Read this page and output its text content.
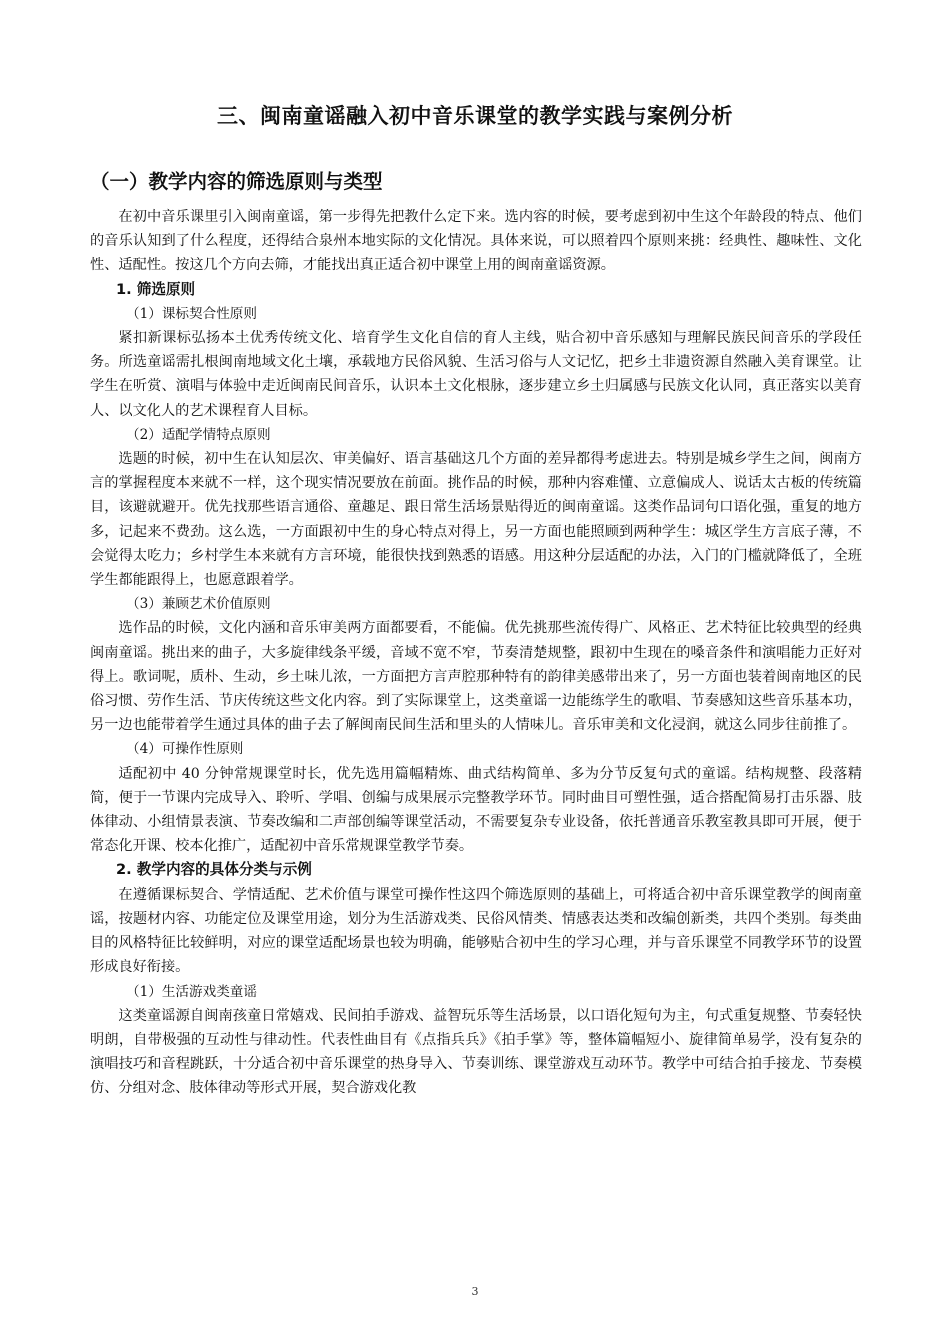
三、闽南童谣融入初中音乐课堂的教学实践与案例分析
（一）教学内容的筛选原则与类型

在初中音乐课里引入闽南童谣，第一步得先把教什么定下来。选内容的时候，要考虑到初中生这个年龄段的特点、他们的音乐认知到了什么程度，还得结合泉州本地实际的文化情况。具体来说，可以照着四个原则来挑：经典性、趣味性、文化性、适配性。按这几个方向去筛，才能找出真正适合初中课堂上用的闽南童谣资源。

1. 筛选原则

（1）课标契合性原则

紧扣新课标弘扬本土优秀传统文化、培育学生文化自信的育人主线，贴合初中音乐感知与理解民族民间音乐的学段任务。所选童谣需扎根闽南地域文化土壤，承载地方民俗风貌、生活习俗与人文记忆，把乡土非遗资源自然融入美育课堂。让学生在听赏、演唱与体验中走近闽南民间音乐，认识本土文化根脉，逐步建立乡土归属感与民族文化认同，真正落实以美育人、以文化人的艺术课程育人目标。

（2）适配学情特点原则

选题的时候，初中生在认知层次、审美偏好、语言基础这几个方面的差异都得考虑进去。特别是城乡学生之间，闽南方言的掌握程度本来就不一样，这个现实情况要放在前面。挑作品的时候，那种内容难懂、立意偏成人、说话太古板的传统篇目，该避就避开。优先找那些语言通俗、童趣足、跟日常生活场景贴得近的闽南童谣。这类作品词句口语化强，重复的地方多，记起来不费劲。这么选，一方面跟初中生的身心特点对得上，另一方面也能照顾到两种学生：城区学生方言底子薄，不会觉得太吃力；乡村学生本来就有方言环境，能很快找到熟悉的语感。用这种分层适配的办法，入门的门槛就降低了，全班学生都能跟得上，也愿意跟着学。

（3）兼顾艺术价值原则

选作品的时候，文化内涵和音乐审美两方面都要看，不能偏。优先挑那些流传得广、风格正、艺术特征比较典型的经典闽南童谣。挑出来的曲子，大多旋律线条平缓，音域不宽不窄，节奏清楚规整，跟初中生现在的嗓音条件和演唱能力正好对得上。歌词呢，质朴、生动，乡土味儿浓，一方面把方言声腔那种特有的韵律美感带出来了，另一方面也装着闽南地区的民俗习惯、劳作生活、节庆传统这些文化内容。到了实际课堂上，这类童谣一边能练学生的歌唱、节奏感知这些音乐基本功，另一边也能带着学生通过具体的曲子去了解闽南民间生活和里头的人情味儿。音乐审美和文化浸润，就这么同步往前推了。

（4）可操作性原则

适配初中 40 分钟常规课堂时长，优先选用篇幅精炼、曲式结构简单、多为分节反复句式的童谣。结构规整、段落精简，便于一节课内完成导入、聆听、学唱、创编与成果展示完整教学环节。同时曲目可塑性强，适合搭配简易打击乐器、肢体律动、小组情景表演、节奏改编和二声部创编等课堂活动，不需要复杂专业设备，依托普通音乐教室教具即可开展，便于常态化开课、校本化推广，适配初中音乐常规课堂教学节奏。

2. 教学内容的具体分类与示例

在遵循课标契合、学情适配、艺术价值与课堂可操作性这四个筛选原则的基础上，可将适合初中音乐课堂教学的闽南童谣，按题材内容、功能定位及课堂用途，划分为生活游戏类、民俗风情类、情感表达类和改编创新类，共四个类别。每类曲目的风格特征比较鲜明，对应的课堂适配场景也较为明确，能够贴合初中生的学习心理，并与音乐课堂不同教学环节的设置形成良好衔接。

（1）生活游戏类童谣

这类童谣源自闽南孩童日常嬉戏、民间拍手游戏、益智玩乐等生活场景，以口语化短句为主，句式重复规整、节奏轻快明朗，自带极强的互动性与律动性。代表性曲目有《点指兵兵》《拍手掌》等，整体篇幅短小、旋律简单易学，没有复杂的演唱技巧和音程跳跃，十分适合初中音乐课堂的热身导入、节奏训练、课堂游戏互动环节。教学中可结合拍手接龙、节奏模仿、分组对念、肢体律动等形式开展，契合游戏化教

3
